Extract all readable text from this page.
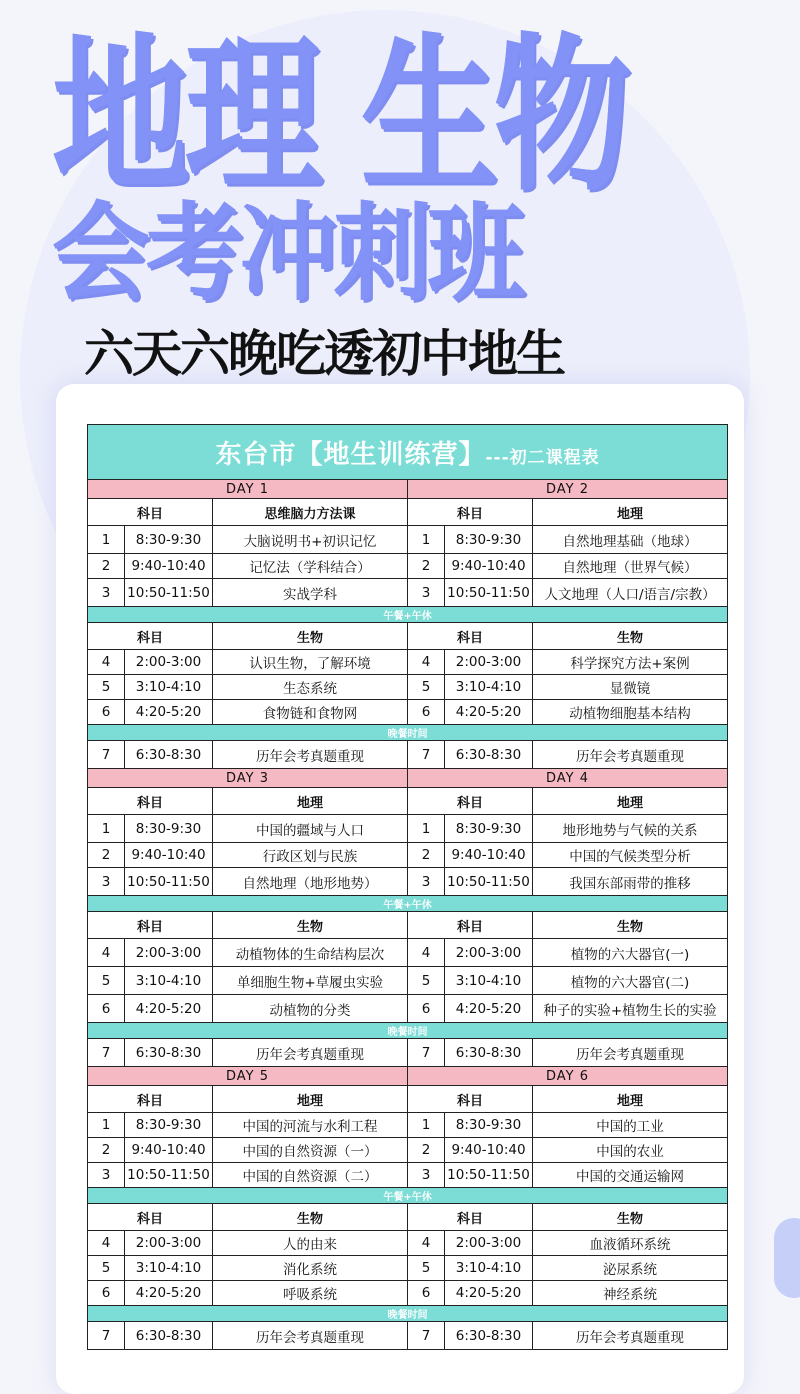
地理 生物
会考冲刺班

六天六晚吃透初中地生

东台市【地生训练营】---初二课程表					
DAY 1			DAY 2		
科目		思维脑力方法课	科目		地理
1	8:30-9:30	大脑说明书+初识记忆	1	8:30-9:30	自然地理基础（地球）
2	9:40-10:40	记忆法（学科结合）	2	9:40-10:40	自然地理（世界气候）
3	10:50-11:50	实战学科	3	10:50-11:50	人文地理（人口/语言/宗教）
午餐+午休					
科目		生物	科目		生物
4	2:00-3:00	认识生物，了解环境	4	2:00-3:00	科学探究方法+案例
5	3:10-4:10	生态系统	5	3:10-4:10	显微镜
6	4:20-5:20	食物链和食物网	6	4:20-5:20	动植物细胞基本结构
晚餐时间					
7	6:30-8:30	历年会考真题重现	7	6:30-8:30	历年会考真题重现
DAY 3			DAY 4		
科目		地理	科目		地理
1	8:30-9:30	中国的疆域与人口	1	8:30-9:30	地形地势与气候的关系
2	9:40-10:40	行政区划与民族	2	9:40-10:40	中国的气候类型分析
3	10:50-11:50	自然地理（地形地势）	3	10:50-11:50	我国东部雨带的推移
午餐+午休					
科目		生物	科目		生物
4	2:00-3:00	动植物体的生命结构层次	4	2:00-3:00	植物的六大器官(一)
5	3:10-4:10	单细胞生物+草履虫实验	5	3:10-4:10	植物的六大器官(二)
6	4:20-5:20	动植物的分类	6	4:20-5:20	种子的实验+植物生长的实验
晚餐时间					
7	6:30-8:30	历年会考真题重现	7	6:30-8:30	历年会考真题重现
DAY 5			DAY 6		
科目		地理	科目		地理
1	8:30-9:30	中国的河流与水利工程	1	8:30-9:30	中国的工业
2	9:40-10:40	中国的自然资源（一）	2	9:40-10:40	中国的农业
3	10:50-11:50	中国的自然资源（二）	3	10:50-11:50	中国的交通运输网
午餐+午休					
科目		生物	科目		生物
4	2:00-3:00	人的由来	4	2:00-3:00	血液循环系统
5	3:10-4:10	消化系统	5	3:10-4:10	泌尿系统
6	4:20-5:20	呼吸系统	6	4:20-5:20	神经系统
晚餐时间					
7	6:30-8:30	历年会考真题重现	7	6:30-8:30	历年会考真题重现
